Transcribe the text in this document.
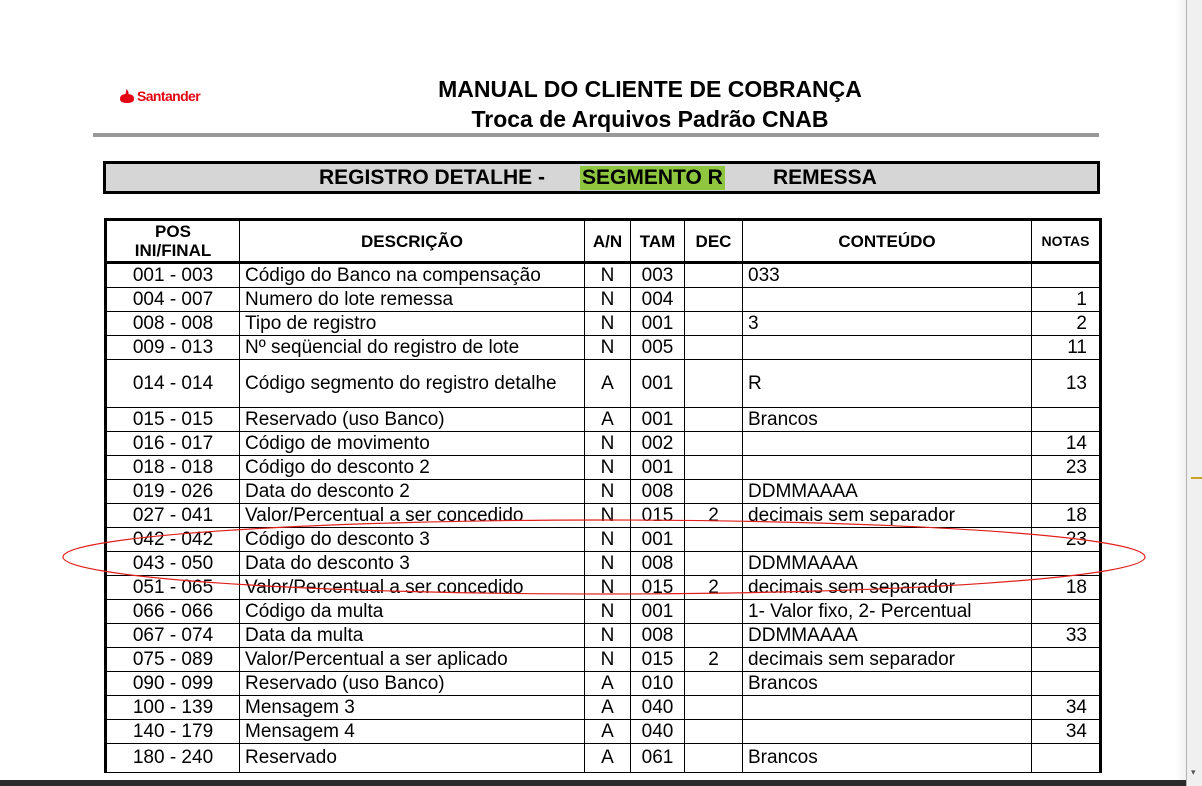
▾
Santander	MANUAL DO CLIENTE DE COBRANÇA
Troca de Arquivos Padrão CNAB
REGISTRO DETALHE - SEGMENTO R REMESSA
POS
INI/FINAL	DESCRIÇÃO	A/N	TAM	DEC	CONTEÚDO	NOTAS
001 - 003	Código do Banco na compensação	N	003		033	
004 - 007	Numero do lote remessa	N	004			1
008 - 008	Tipo de registro	N	001		3	2
009 - 013	Nº seqüencial do registro de lote	N	005			11
014 - 014	Código segmento do registro detalhe	A	001		R	13
015 - 015	Reservado (uso Banco)	A	001		Brancos	
016 - 017	Código de movimento	N	002			14
018 - 018	Código do desconto 2	N	001			23
019 - 026	Data do desconto 2	N	008		DDMMAAAA	
027 - 041	Valor/Percentual a ser concedido	N	015	2	decimais sem separador	18
042 - 042	Código do desconto 3	N	001			23
043 - 050	Data do desconto 3	N	008		DDMMAAAA	
051 - 065	Valor/Percentual a ser concedido	N	015	2	decimais sem separador	18
066 - 066	Código da multa	N	001		1- Valor fixo, 2- Percentual	
067 - 074	Data da multa	N	008		DDMMAAAA	33
075 - 089	Valor/Percentual a ser aplicado	N	015	2	decimais sem separador	
090 - 099	Reservado (uso Banco)	A	010		Brancos	
100 - 139	Mensagem 3	A	040			34
140 - 179	Mensagem 4	A	040			34
180 - 240	Reservado	A	061		Brancos	
